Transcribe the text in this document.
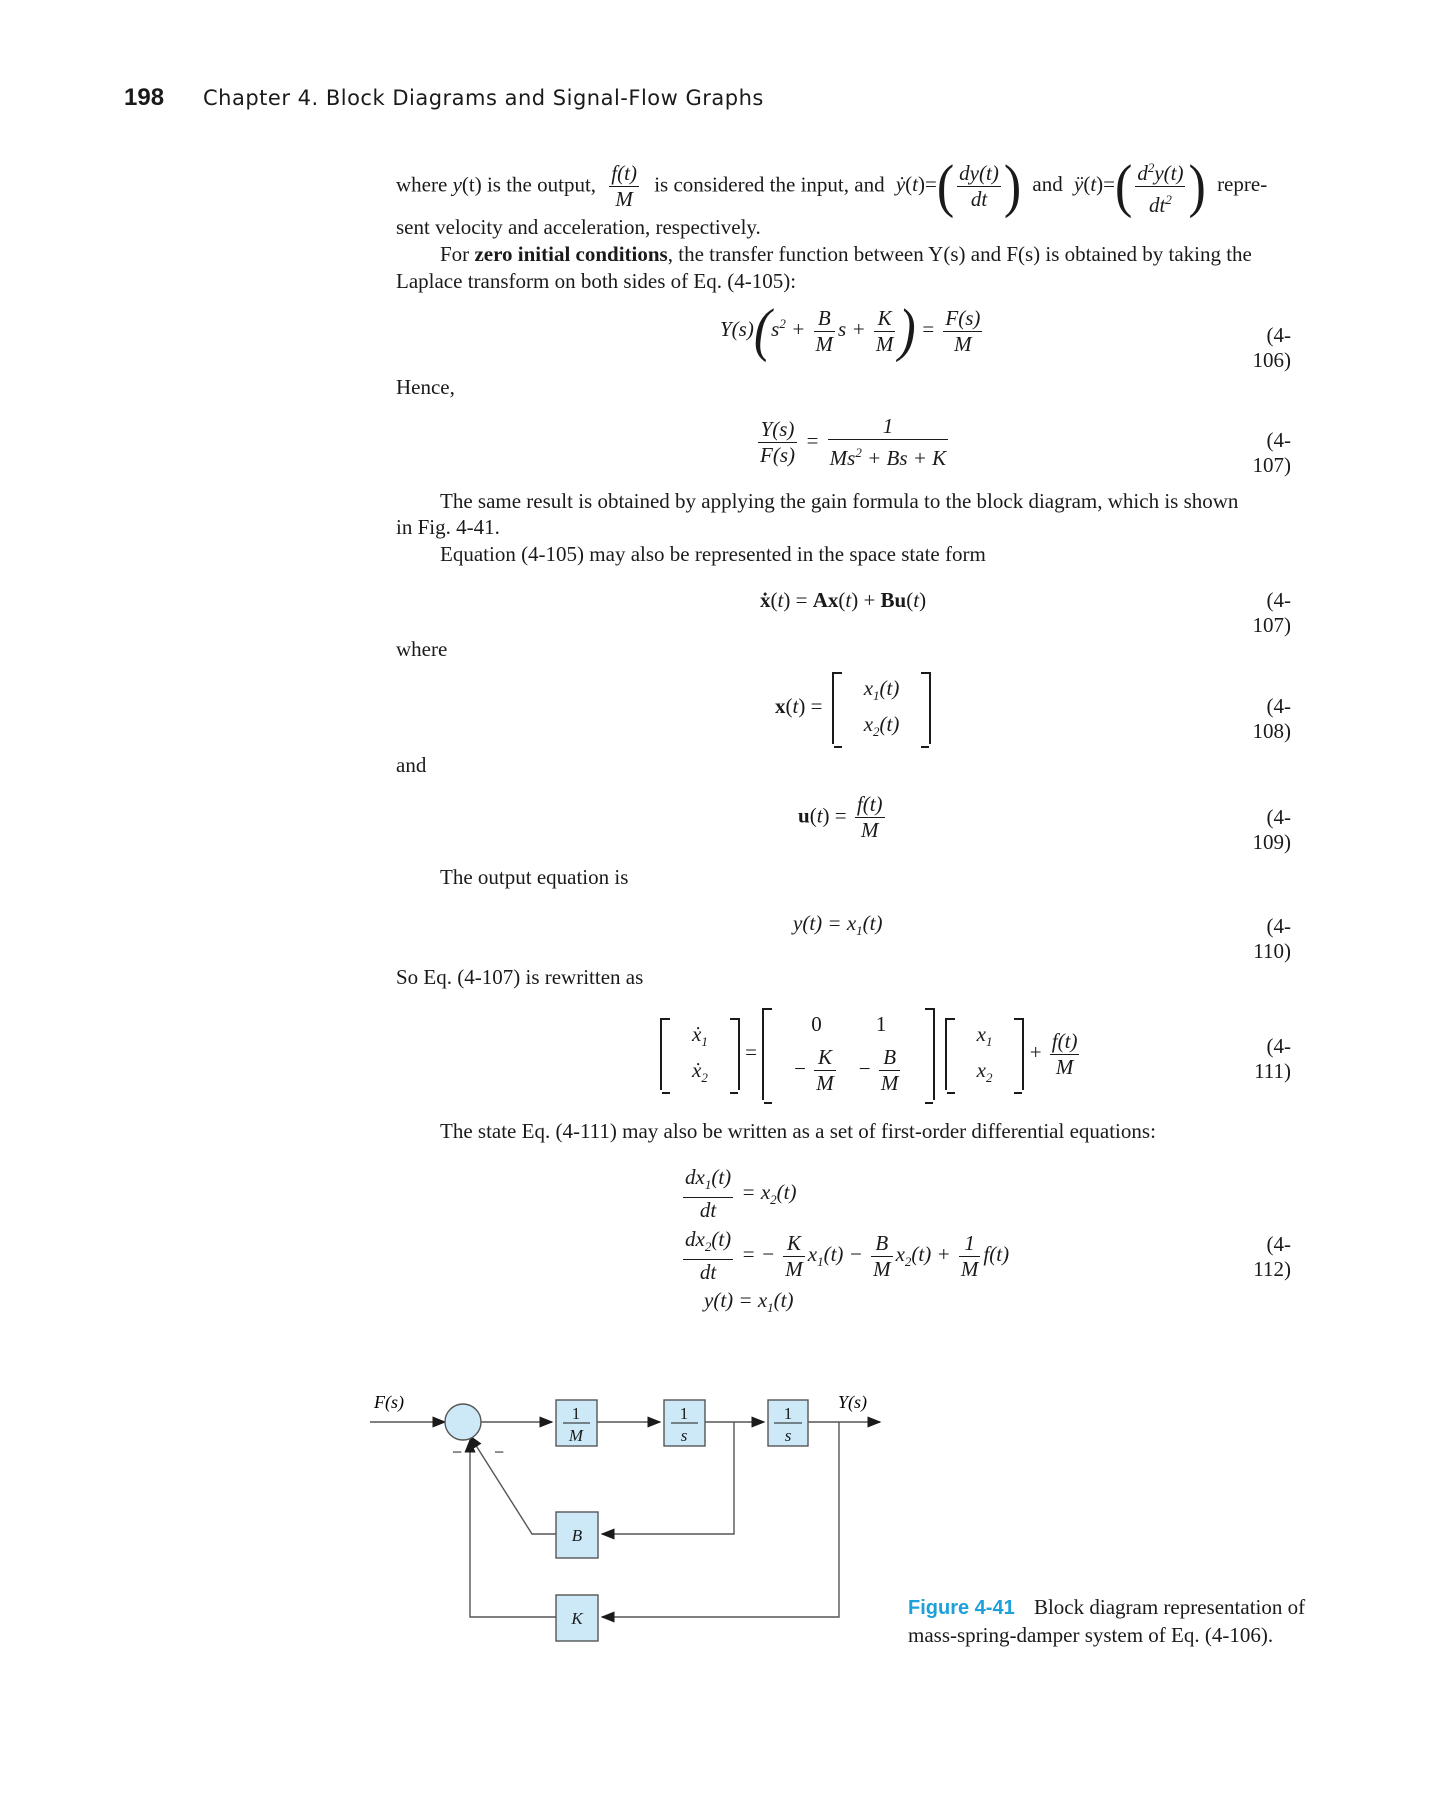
198 Chapter 4. Block Diagrams and Signal-Flow Graphs
where y(t) is the output, $\frac{f(t)}{M}$ is considered the input, and ẏ(t)=( $\frac{dy(t)}{dt}$ ) and ÿ(t)=( $\frac{d^2y(t)}{dt^2}$ ) repre-
sent velocity and acceleration, respectively.
For zero initial conditions, the transfer function between Y(s) and F(s) is obtained by taking the
Laplace transform on both sides of Eq. (4-105):
$Y(s)(s^2 + \frac{B}{M}$ $s + \frac{K}{M}$ ) = $\frac{F(s)}{M}$	(4-106)
Hence,
$\frac{Y(s)}{F(s)} = \frac{1}{Ms^2 + Bs + K}$	(4-107)
The same result is obtained by applying the gain formula to the block diagram, which is shown
in Fig. 4-41.
Equation (4-105) may also be represented in the space state form
ẋ(t) = Ax(t) + Bu(t)	(4-107)
where
x(t) =
$x_1(t)$
$x_2(t)$
(4-108)
and
$u(t) = \frac{f(t)}{M}$	(4-109)
The output equation is
$y(t) = x_1(t)$	(4-110)
So Eq. (4-107) is rewritten as
ẋ$_1$
ẋ$_2$
=
0	1
− $\frac{K}{M}$	− $\frac{B}{M}$

$x_1$
$x_2$
+ $\frac{f(t)}{M}$	(4-111)
The state Eq. (4-111) may also be written as a set of first-order differential equations:
$\frac{dx_1(t)}{dt} = x_2(t)$
$\frac{dx_2(t)}{dt}$ = − $\frac{K}{M} x_1(t) - \frac{B}{M} x_2(t) + \frac{1}{M} f(t)$
$y(t) = x_1(t)$
(4-112)
− −
1
M
1
s
1
s
B
K
F(s)	Y(s)
Figure 4-41 Block diagram representation of
mass-spring-damper system of Eq. (4-106).
